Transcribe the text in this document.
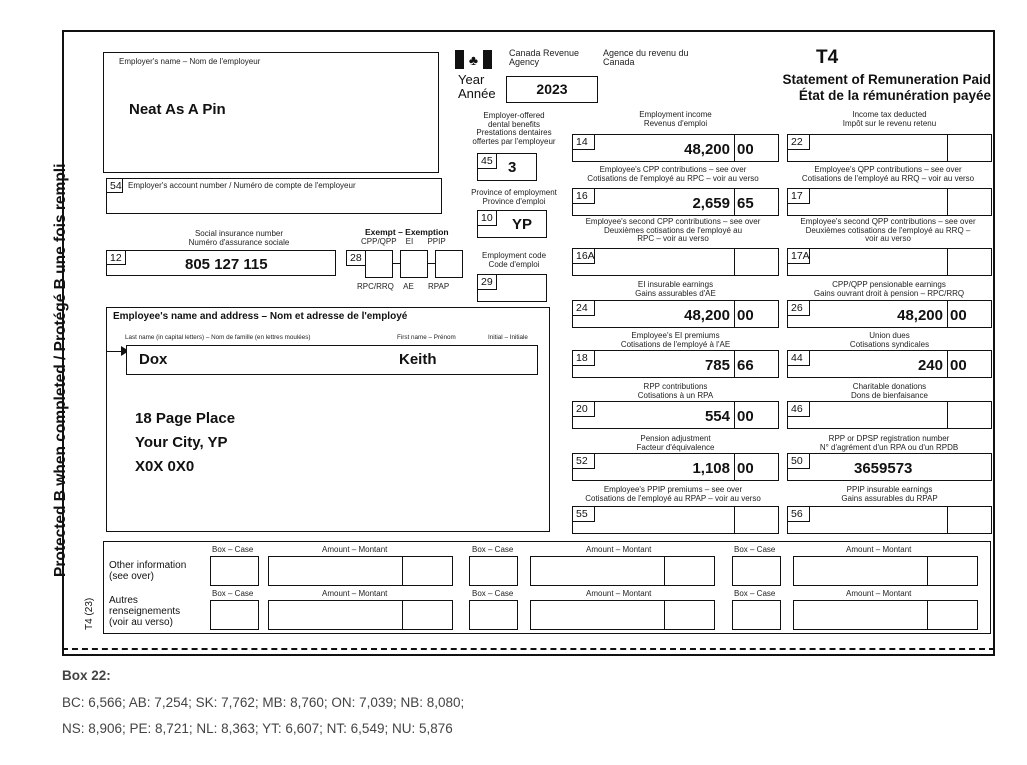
Protected B when completed / Protégé B une fois rempli
T4 (23)
Employer's name – Nom de l'employeur
Neat As A Pin
54 Employer's account number / Numéro de compte de l'employeur
♣	Canada Revenue Agency
Agence du revenu du Canada
Year
Année	2023
T4
Statement of Remuneration Paid
État de la rémunération payée
Employer-offered
dental benefits
Prestations dentaires
offertes par l'employeur
45 3
Province of employment
Province d'emploi
10 YP
Employment code
Code d'emploi
29
Social insurance number
Numéro d'assurance sociale
12	805 127 115
Exempt – Exemption
CPP/QPP EI PPIP
28
RPC/RRQ AE RPAP
Employee's name and address – Nom et adresse de l'employé
Last name (in capital letters) – Nom de famille (en lettres moulées)	First name – Prénom	Initial – Initiale
Dox	Keith
18 Page Place
Your City, YP
X0X 0X0
Employment income
Revenus d'emploi
14	48,200 00
Income tax deducted
Impôt sur le revenu retenu
22
Employee's CPP contributions – see over
Cotisations de l'employé au RPC – voir au verso
16	2,659 65
Employee's QPP contributions – see over
Cotisations de l'employé au RRQ – voir au verso
17
Employee's second CPP contributions – see over
Deuxièmes cotisations de l'employé au
RPC – voir au verso
16A
Employee's second QPP contributions – see over
Deuxièmes cotisations de l'employé au RRQ –
voir au verso
17A
EI insurable earnings
Gains assurables d'AE
24	48,200 00
CPP/QPP pensionable earnings
Gains ouvrant droit à pension – RPC/RRQ
26	48,200 00
Employee's EI premiums
Cotisations de l'employé à l'AE
18	785 66
Union dues
Cotisations syndicales
44	240 00
RPP contributions
Cotisations à un RPA
20	554 00
Charitable donations
Dons de bienfaisance
46
Pension adjustment
Facteur d'équivalence
52	1,108 00
RPP or DPSP registration number
N° d'agrément d'un RPA ou d'un RPDB
50	3659573
Employee's PPIP premiums – see over
Cotisations de l'employé au RPAP – voir au verso
55
PPIP insurable earnings
Gains assurables du RPAP
56
Other information
(see over)
Autres
renseignements
(voir au verso)
Box – Case	Amount – Montant	Box – Case	Amount – Montant	Box – Case	Amount – Montant
Box – Case	Amount – Montant	Box – Case	Amount – Montant	Box – Case	Amount – Montant
Box 22:
BC: 6,566; AB: 7,254; SK: 7,762; MB: 8,760; ON: 7,039; NB: 8,080;
NS: 8,906; PE: 8,721; NL: 8,363; YT: 6,607; NT: 6,549; NU: 5,876
